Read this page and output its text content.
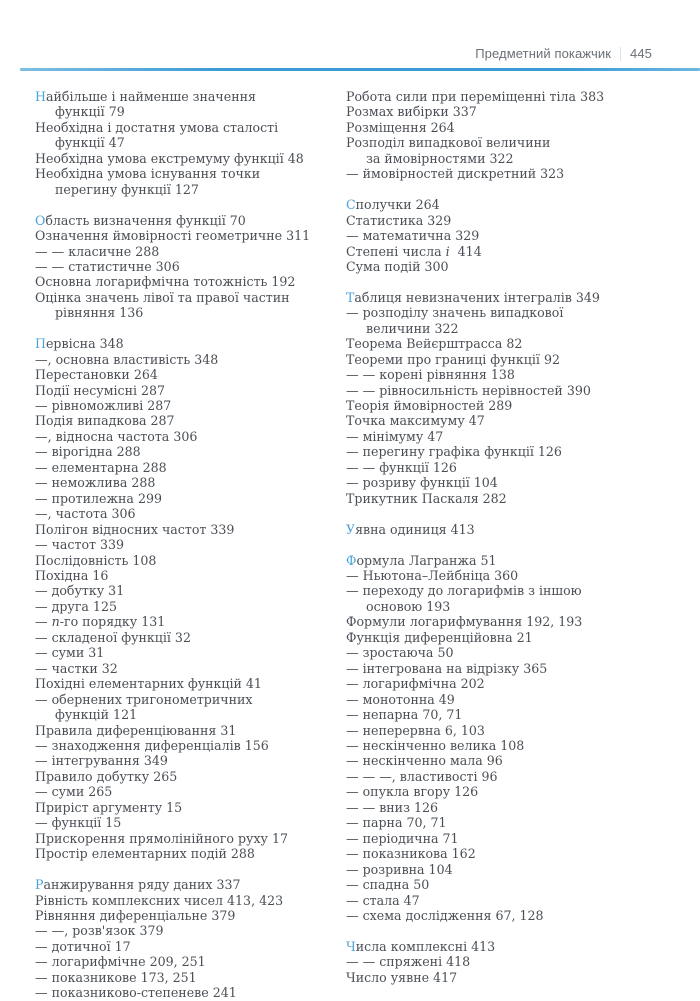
Предметний покажчик 445
Найбільше і найменше значення
функції 79
Необхідна і достатня умова сталості
функції 47
Необхідна умова екстремуму функції 48
Необхідна умова існування точки
перегину функції 127
Область визначення функції 70
Означення ймовірності геометричне 311
— — класичне 288
— — статистичне 306
Основна логарифмічна тотожність 192
Оцінка значень лівої та правої частин
рівняння 136
Первісна 348
—, основна властивість 348
Перестановки 264
Події несумісні 287
— рівноможливі 287
Подія випадкова 287
—, відносна частота 306
— вірогідна 288
— елементарна 288
— неможлива 288
— протилежна 299
—, частота 306
Полігон відносних частот 339
— частот 339
Послідовність 108
Похідна 16
— добутку 31
— друга 125
— n-го порядку 131
— складеної функції 32
— суми 31
— частки 32
Похідні елементарних функцій 41
— обернених тригонометричних
функцій 121
Правила диференціювання 31
— знаходження диференціалів 156
— інтегрування 349
Правило добутку 265
— суми 265
Приріст аргументу 15
— функції 15
Прискорення прямолінійного руху 17
Простір елементарних подій 288
Ранжирування ряду даних 337
Рівність комплексних чисел 413, 423
Рівняння диференціальне 379
— —, розв'язок 379
— дотичної 17
— логарифмічне 209, 251
— показникове 173, 251
— показниково-степеневе 241
Робота сили при переміщенні тіла 383
Розмах вибірки 337
Розміщення 264
Розподіл випадкової величини
за ймовірностями 322
— ймовірностей дискретний 323
Сполучки 264
Статистика 329
— математична 329
Степені числа i 414
Сума подій 300
Таблиця невизначених інтегралів 349
— розподілу значень випадкової
величини 322
Теорема Вейєрштрасса 82
Теореми про границі функції 92
— — корені рівняння 138
— — рівносильність нерівностей 390
Теорія ймовірностей 289
Точка максимуму 47
— мінімуму 47
— перегину графіка функції 126
— — функції 126
— розриву функції 104
Трикутник Паскаля 282
Уявна одиниця 413
Формула Лагранжа 51
— Ньютона–Лейбніца 360
— переходу до логарифмів з іншою
основою 193
Формули логарифмування 192, 193
Функція диференційовна 21
— зростаюча 50
— інтегрована на відрізку 365
— логарифмічна 202
— монотонна 49
— непарна 70, 71
— неперервна 6, 103
— нескінченно велика 108
— нескінченно мала 96
— — —, властивості 96
— опукла вгору 126
— — вниз 126
— парна 70, 71
— періодична 71
— показникова 162
— розривна 104
— спадна 50
— стала 47
— схема дослідження 67, 128
Числа комплексні 413
— — спряжені 418
Число уявне 417
